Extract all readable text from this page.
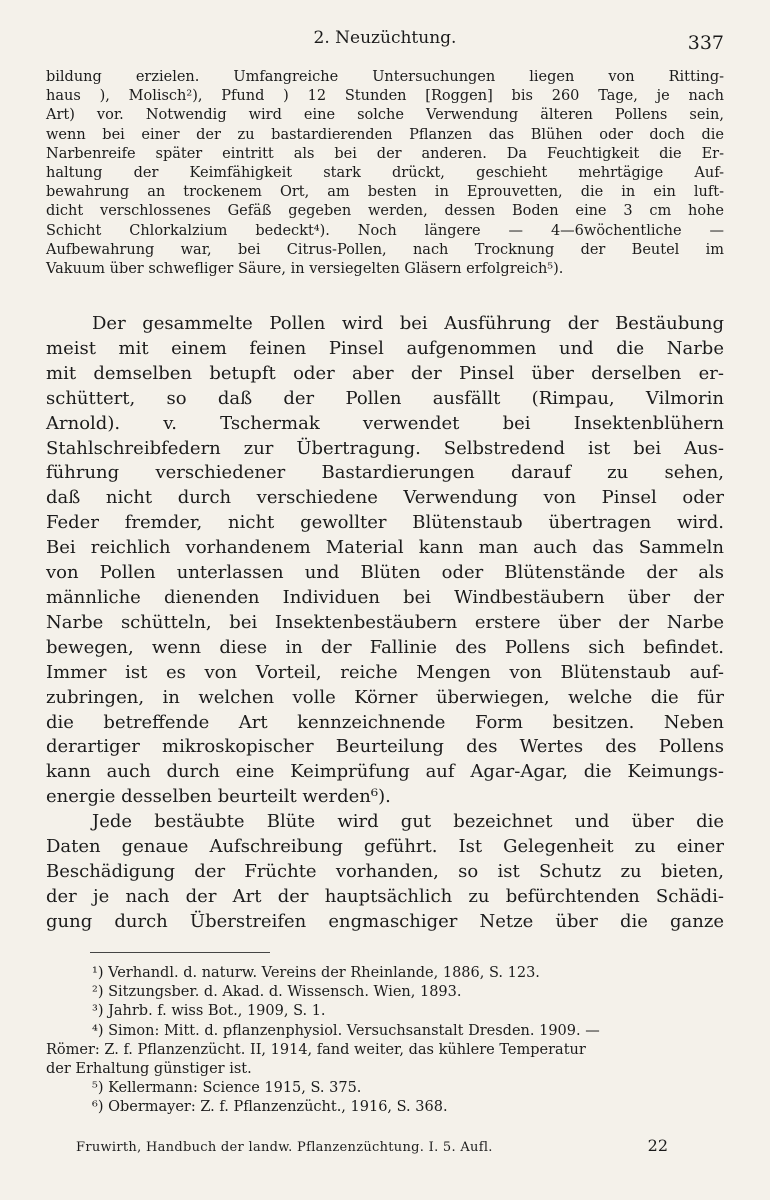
2. Neuzüchtung.	337
bildung erzielen. Umfangreiche Untersuchungen liegen von Ritting-
haus ), Molisch²), Pfund ) 12 Stunden [Roggen] bis 260 Tage, je nach
Art) vor. Notwendig wird eine solche Verwendung älteren Pollens sein,
wenn bei einer der zu bastardierenden Pflanzen das Blühen oder doch die
Narbenreife später eintritt als bei der anderen. Da Feuchtigkeit die Er-
haltung der Keimfähigkeit stark drückt, geschieht mehrtägige Auf-
bewahrung an trockenem Ort, am besten in Eprouvetten, die in ein luft-
dicht verschlossenes Gefäß gegeben werden, dessen Boden eine 3 cm hohe
Schicht Chlorkalzium bedeckt⁴). Noch längere — 4—6wöchentliche —
Aufbewahrung war, bei Citrus-Pollen, nach Trocknung der Beutel im
Vakuum über schwefliger Säure, in versiegelten Gläsern erfolgreich⁵).
Der gesammelte Pollen wird bei Ausführung der Bestäubung
meist mit einem feinen Pinsel aufgenommen und die Narbe
mit demselben betupft oder aber der Pinsel über derselben er-
schüttert, so daß der Pollen ausfällt (Rimpau, Vilmorin
Arnold). v. Tschermak verwendet bei Insektenblühern
Stahlschreibfedern zur Übertragung. Selbstredend ist bei Aus-
führung verschiedener Bastardierungen darauf zu sehen,
daß nicht durch verschiedene Verwendung von Pinsel oder
Feder fremder, nicht gewollter Blütenstaub übertragen wird.
Bei reichlich vorhandenem Material kann man auch das Sammeln
von Pollen unterlassen und Blüten oder Blütenstände der als
männliche dienenden Individuen bei Windbestäubern über der
Narbe schütteln, bei Insektenbestäubern erstere über der Narbe
bewegen, wenn diese in der Fallinie des Pollens sich befindet.
Immer ist es von Vorteil, reiche Mengen von Blütenstaub auf-
zubringen, in welchen volle Körner überwiegen, welche die für
die betreffende Art kennzeichnende Form besitzen. Neben
derartiger mikroskopischer Beurteilung des Wertes des Pollens
kann auch durch eine Keimprüfung auf Agar-Agar, die Keimungs-
energie desselben beurteilt werden⁶).
Jede bestäubte Blüte wird gut bezeichnet und über die
Daten genaue Aufschreibung geführt. Ist Gelegenheit zu einer
Beschädigung der Früchte vorhanden, so ist Schutz zu bieten,
der je nach der Art der hauptsächlich zu befürchtenden Schädi-
gung durch Überstreifen engmaschiger Netze über die ganze
¹) Verhandl. d. naturw. Vereins der Rheinlande, 1886, S. 123.
²) Sitzungsber. d. Akad. d. Wissensch. Wien, 1893.
³) Jahrb. f. wiss Bot., 1909, S. 1.
⁴) Simon: Mitt. d. pflanzenphysiol. Versuchsanstalt Dresden. 1909. —
Römer: Z. f. Pflanzenzücht. II, 1914, fand weiter, das kühlere Temperatur
der Erhaltung günstiger ist.
⁵) Kellermann: Science 1915, S. 375.
⁶) Obermayer: Z. f. Pflanzenzücht., 1916, S. 368.
Fruwirth, Handbuch der landw. Pflanzenzüchtung. I. 5. Aufl.	22
